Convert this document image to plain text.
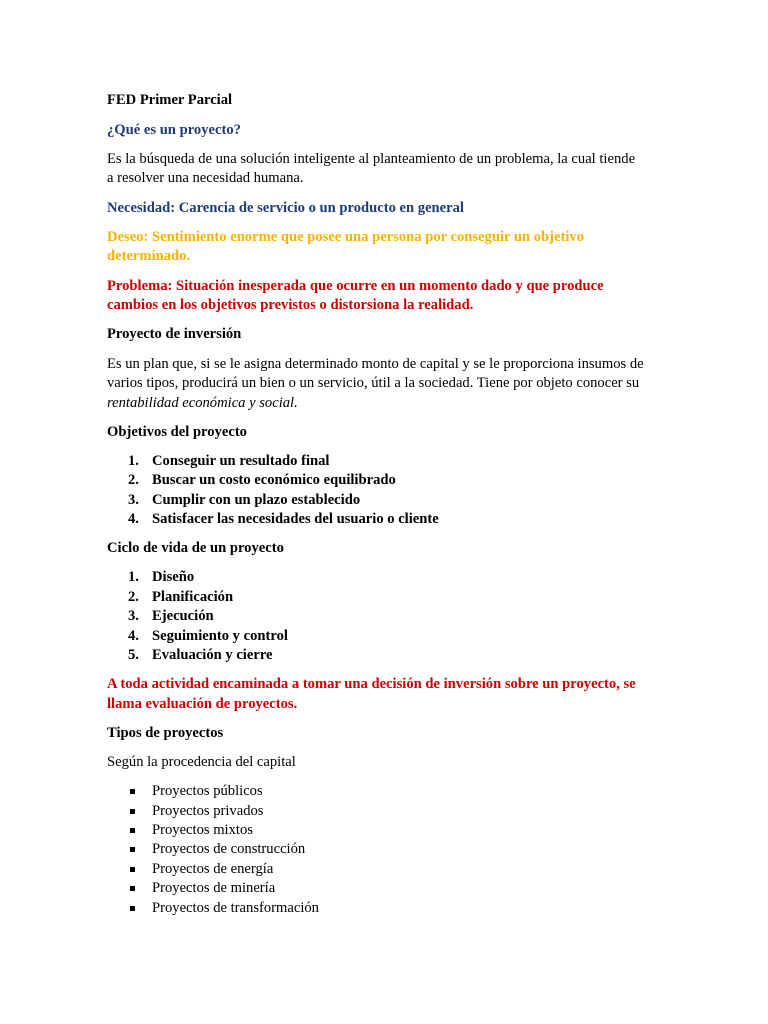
FED Primer Parcial

¿Qué es un proyecto?

Es la búsqueda de una solución inteligente al planteamiento de un problema, la cual tiende

a resolver una necesidad humana.

Necesidad: Carencia de servicio o un producto en general

Deseo: Sentimiento enorme que posee una persona por conseguir un objetivo

determinado.

Problema: Situación inesperada que ocurre en un momento dado y que produce

cambios en los objetivos previstos o distorsiona la realidad.

Proyecto de inversión

Es un plan que, si se le asigna determinado monto de capital y se le proporciona insumos de

varios tipos, producirá un bien o un servicio, útil a la sociedad. Tiene por objeto conocer su

rentabilidad económica y social.

Objetivos del proyecto

1. Conseguir un resultado final
2. Buscar un costo económico equilibrado
3. Cumplir con un plazo establecido
4. Satisfacer las necesidades del usuario o cliente

Ciclo de vida de un proyecto

1. Diseño
2. Planificación
3. Ejecución
4. Seguimiento y control
5. Evaluación y cierre

A toda actividad encaminada a tomar una decisión de inversión sobre un proyecto, se

llama evaluación de proyectos.

Tipos de proyectos

Según la procedencia del capital

Proyectos públicos
Proyectos privados
Proyectos mixtos
Proyectos de construcción
Proyectos de energía
Proyectos de minería
Proyectos de transformación
